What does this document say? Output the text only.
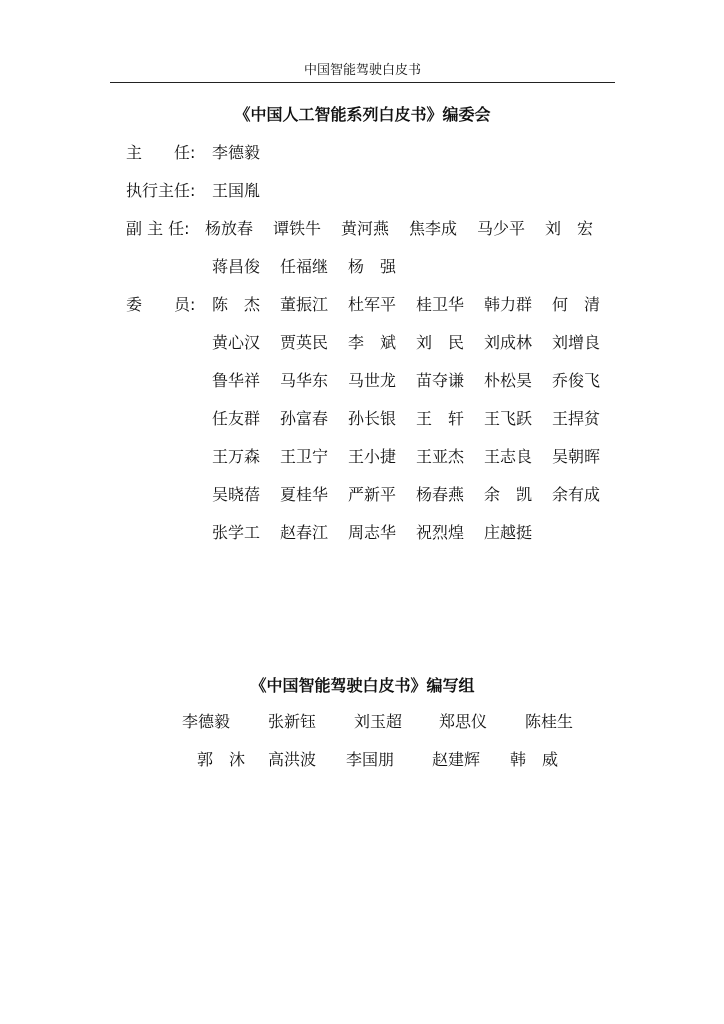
中国智能驾驶白皮书
《中国人工智能系列白皮书》编委会
主　　任: 李德毅
执行主任: 王国胤
副 主 任:
委　　员:
杨放春 谭铁牛 黄河燕 焦李成 马少平 刘　宏
蒋昌俊 任福继 杨　强
陈　杰 董振江 杜军平 桂卫华 韩力群 何　清
黄心汉 贾英民 李　斌 刘　民 刘成林 刘增良
鲁华祥 马华东 马世龙 苗夺谦 朴松昊 乔俊飞
任友群 孙富春 孙长银 王　轩 王飞跃 王捍贫
王万森 王卫宁 王小捷 王亚杰 王志良 吴朝晖
吴晓蓓 夏桂华 严新平 杨春燕 余　凯 余有成
张学工 赵春江 周志华 祝烈煌 庄越挺
《中国智能驾驶白皮书》编写组
李德毅 张新钰 刘玉超 郑思仪 陈桂生
郭　沐 高洪波 李国朋 赵建辉 韩　威
